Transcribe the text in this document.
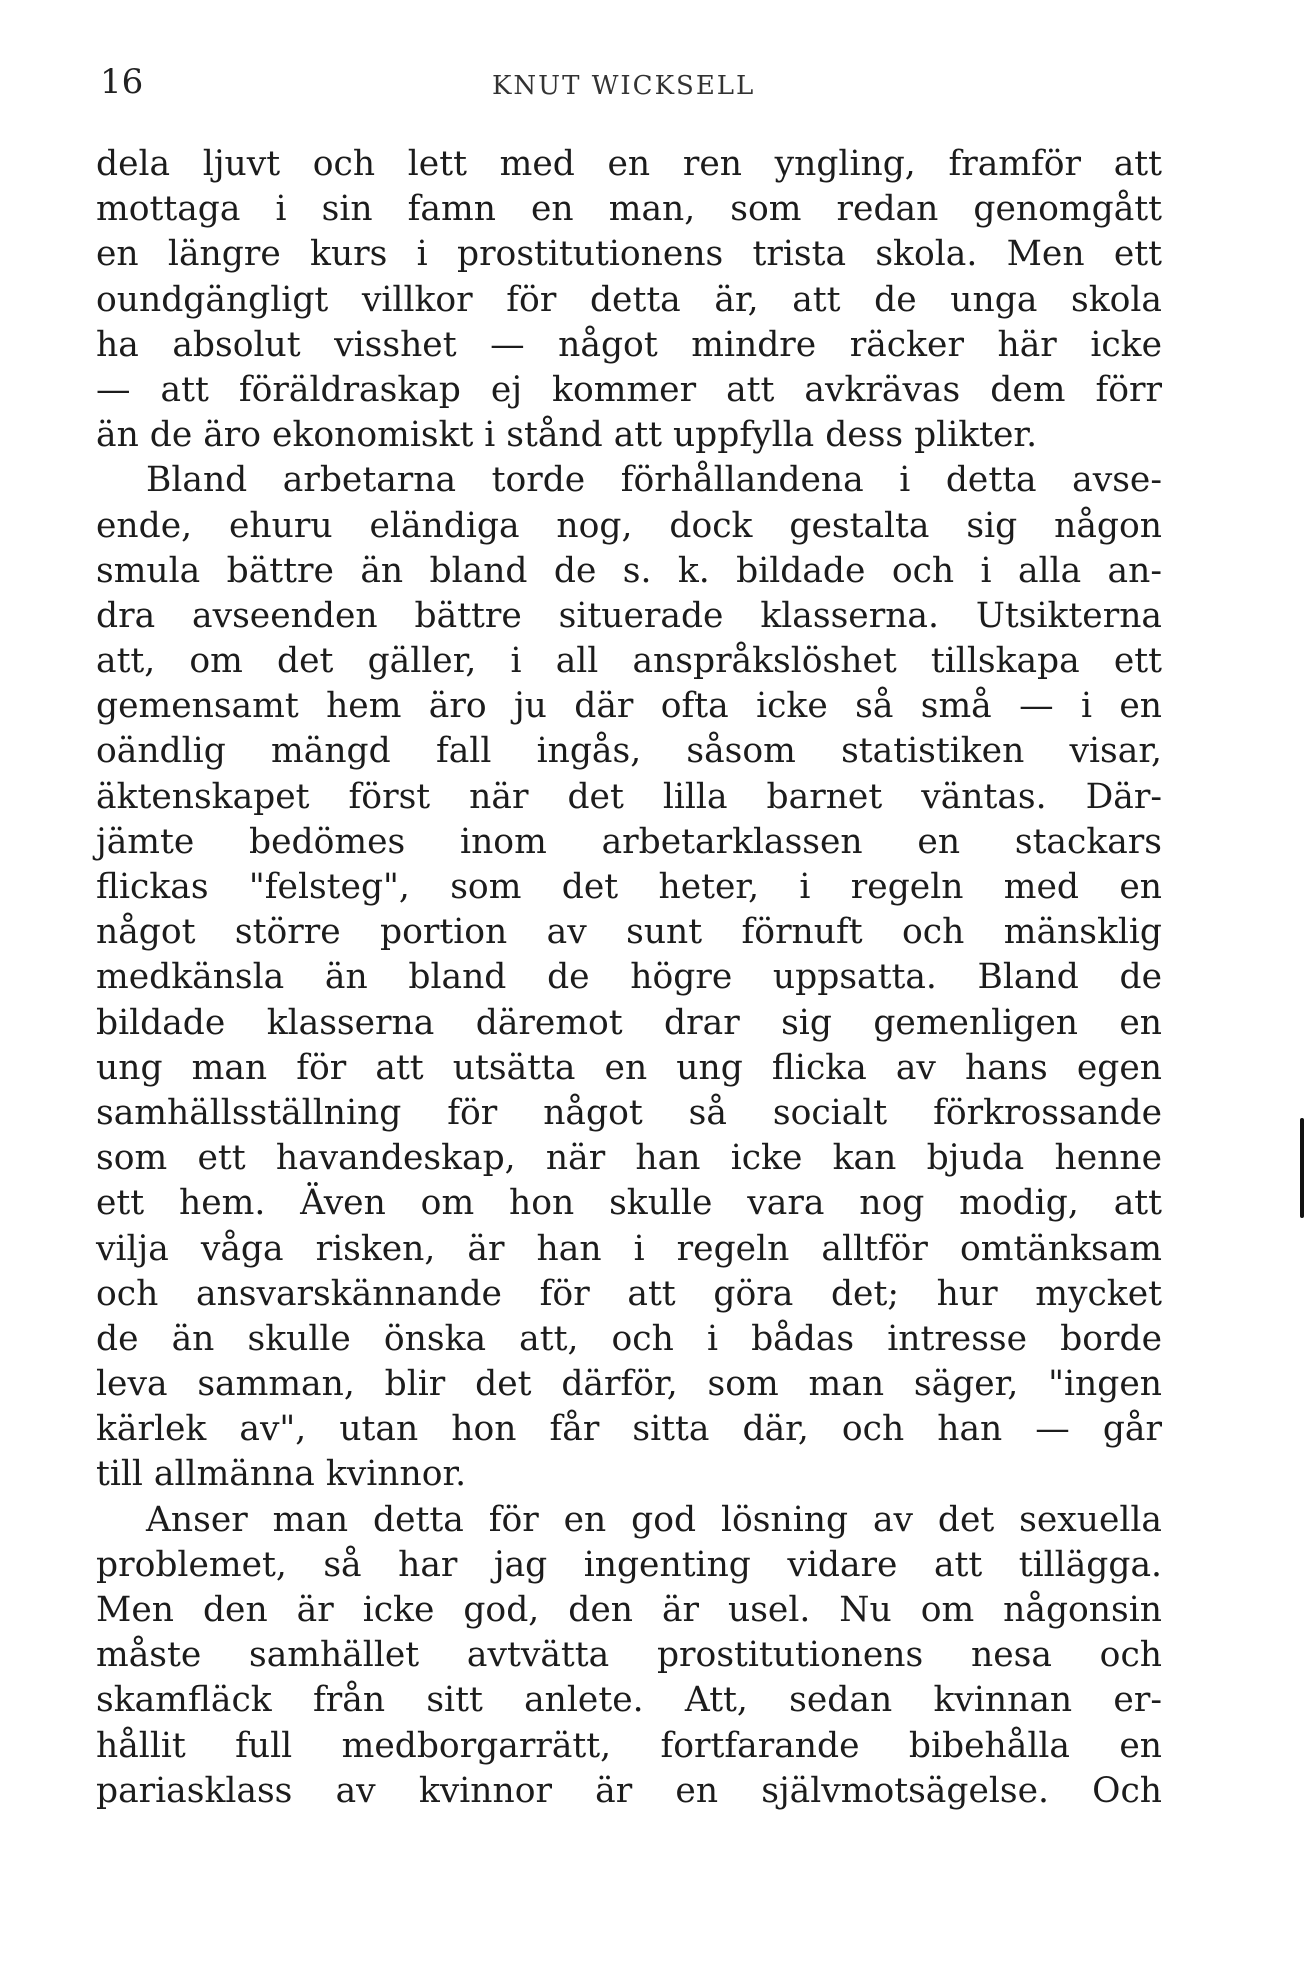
16	KNUT WICKSELL
dela ljuvt och lett med en ren yngling, framför att
mottaga i sin famn en man, som redan genomgått
en längre kurs i prostitutionens trista skola. Men ett
oundgängligt villkor för detta är, att de unga skola
ha absolut visshet — något mindre räcker här icke
— att föräldraskap ej kommer att avkrävas dem förr
än de äro ekonomiskt i stånd att uppfylla dess plikter.
Bland arbetarna torde förhållandena i detta avse-
ende, ehuru eländiga nog, dock gestalta sig någon
smula bättre än bland de s. k. bildade och i alla an-
dra avseenden bättre situerade klasserna. Utsikterna
att, om det gäller, i all anspråkslöshet tillskapa ett
gemensamt hem äro ju där ofta icke så små — i en
oändlig mängd fall ingås, såsom statistiken visar,
äktenskapet först när det lilla barnet väntas. Där-
jämte bedömes inom arbetarklassen en stackars
flickas "felsteg", som det heter, i regeln med en
något större portion av sunt förnuft och mänsklig
medkänsla än bland de högre uppsatta. Bland de
bildade klasserna däremot drar sig gemenligen en
ung man för att utsätta en ung flicka av hans egen
samhällsställning för något så socialt förkrossande
som ett havandeskap, när han icke kan bjuda henne
ett hem. Även om hon skulle vara nog modig, att
vilja våga risken, är han i regeln alltför omtänksam
och ansvarskännande för att göra det; hur mycket
de än skulle önska att, och i bådas intresse borde
leva samman, blir det därför, som man säger, "ingen
kärlek av", utan hon får sitta där, och han — går
till allmänna kvinnor.
Anser man detta för en god lösning av det sexuella
problemet, så har jag ingenting vidare att tillägga.
Men den är icke god, den är usel. Nu om någonsin
måste samhället avtvätta prostitutionens nesa och
skamfläck från sitt anlete. Att, sedan kvinnan er-
hållit full medborgarrätt, fortfarande bibehålla en
pariasklass av kvinnor är en självmotsägelse. Och
